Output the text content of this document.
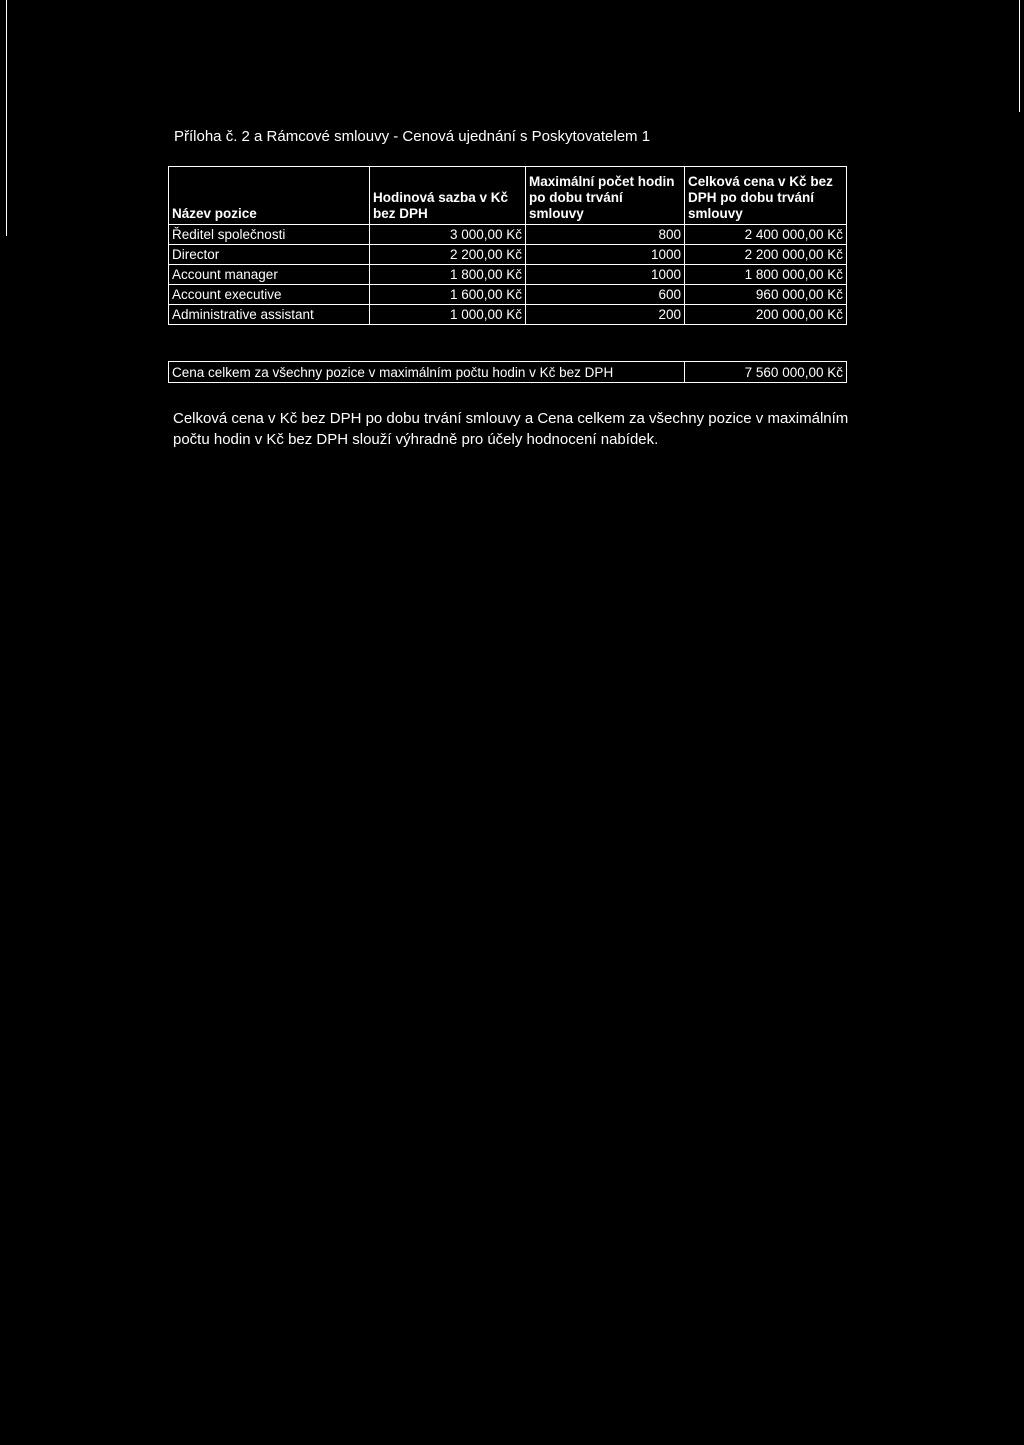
Příloha č. 2 a Rámcové smlouvy - Cenová ujednání s Poskytovatelem 1
Název pozice	Hodinová sazba v Kč bez DPH	Maximální počet hodin po dobu trvání smlouvy	Celková cena v Kč bez DPH po dobu trvání smlouvy
Ředitel společnosti	3 000,00 Kč	800	2 400 000,00 Kč
Director	2 200,00 Kč	1000	2 200 000,00 Kč
Account manager	1 800,00 Kč	1000	1 800 000,00 Kč
Account executive	1 600,00 Kč	600	960 000,00 Kč
Administrative assistant	1 000,00 Kč	200	200 000,00 Kč
Cena celkem za všechny pozice v maximálním počtu hodin v Kč bez DPH	7 560 000,00 Kč
Celková cena v Kč bez DPH po dobu trvání smlouvy a Cena celkem za všechny pozice v maximálním počtu hodin v Kč bez DPH slouží výhradně pro účely hodnocení nabídek.
